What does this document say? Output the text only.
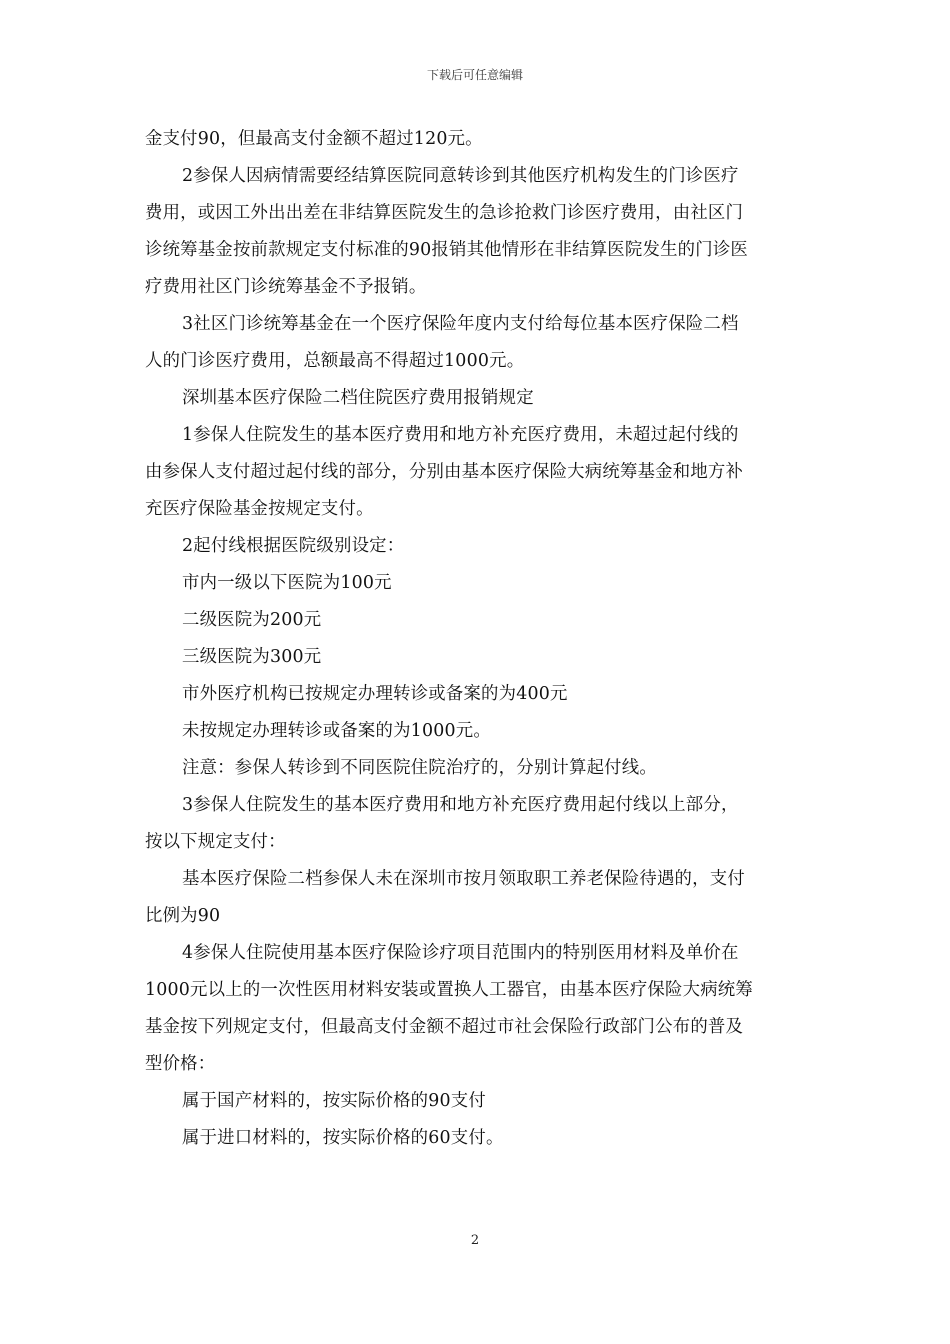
下载后可任意编辑

金支付90，但最高支付金额不超过120元。

2参保人因病情需要经结算医院同意转诊到其他医疗机构发生的门诊医疗

费用，或因工外出出差在非结算医院发生的急诊抢救门诊医疗费用，由社区门

诊统筹基金按前款规定支付标准的90报销其他情形在非结算医院发生的门诊医

疗费用社区门诊统筹基金不予报销。

3社区门诊统筹基金在一个医疗保险年度内支付给每位基本医疗保险二档

人的门诊医疗费用，总额最高不得超过1000元。

深圳基本医疗保险二档住院医疗费用报销规定

1参保人住院发生的基本医疗费用和地方补充医疗费用，未超过起付线的

由参保人支付超过起付线的部分，分别由基本医疗保险大病统筹基金和地方补

充医疗保险基金按规定支付。

2起付线根据医院级别设定：

市内一级以下医院为100元

二级医院为200元

三级医院为300元

市外医疗机构已按规定办理转诊或备案的为400元

未按规定办理转诊或备案的为1000元。

注意：参保人转诊到不同医院住院治疗的，分别计算起付线。

3参保人住院发生的基本医疗费用和地方补充医疗费用起付线以上部分，

按以下规定支付：

基本医疗保险二档参保人未在深圳市按月领取职工养老保险待遇的，支付

比例为90

4参保人住院使用基本医疗保险诊疗项目范围内的特别医用材料及单价在

1000元以上的一次性医用材料安装或置换人工器官，由基本医疗保险大病统筹

基金按下列规定支付，但最高支付金额不超过市社会保险行政部门公布的普及

型价格：

属于国产材料的，按实际价格的90支付

属于进口材料的，按实际价格的60支付。

2
